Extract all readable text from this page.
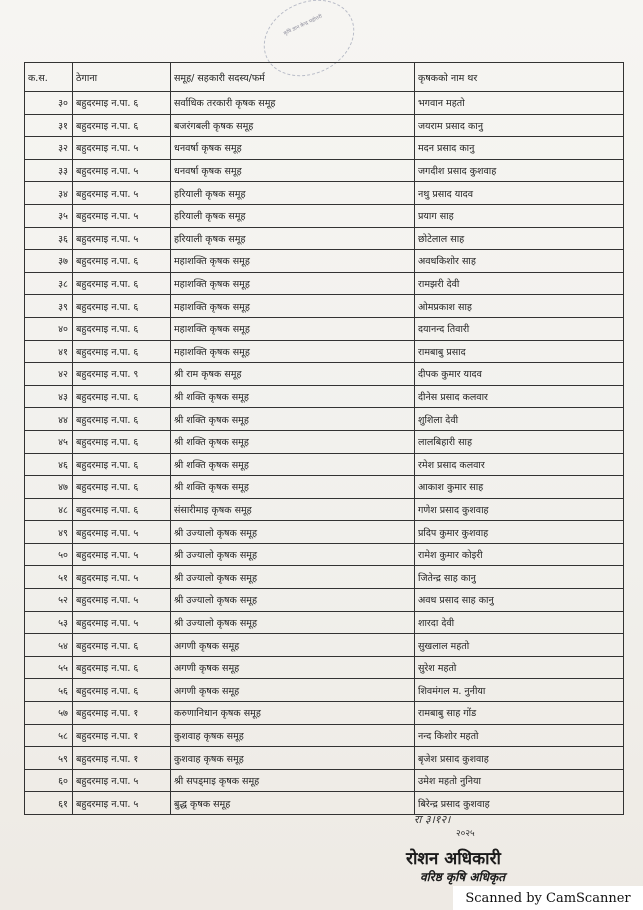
कृषि ज्ञान केन्द्र महोत्तरी
क.स.	ठेगाना	समूह/ सहकारी सदस्य/फर्म	कृषकको नाम थर
३०	बहुदरमाइ न.पा. ६	सर्वाधिक तरकारी कृषक समूह	भगवान महतो
३१	बहुदरमाइ न.पा. ६	बजरंगबली कृषक समूह	जयराम प्रसाद कानु
३२	बहुदरमाइ न.पा. ५	धनवर्षा कृषक समूह	मदन प्रसाद कानु
३३	बहुदरमाइ न.पा. ५	धनवर्षा कृषक समूह	जगदीश प्रसाद कुशवाह
३४	बहुदरमाइ न.पा. ५	हरियाली कृषक समूह	नथु प्रसाद यादव
३५	बहुदरमाइ न.पा. ५	हरियाली कृषक समूह	प्रयाग साह
३६	बहुदरमाइ न.पा. ५	हरियाली कृषक समूह	छोटेलाल साह
३७	बहुदरमाइ न.पा. ६	महाशक्ति कृषक समूह	अवधकिशोर साह
३८	बहुदरमाइ न.पा. ६	महाशक्ति कृषक समूह	रामझरी देवी
३९	बहुदरमाइ न.पा. ६	महाशक्ति कृषक समूह	ओमप्रकाश साह
४०	बहुदरमाइ न.पा. ६	महाशक्ति कृषक समूह	दयानन्द तिवारी
४१	बहुदरमाइ न.पा. ६	महाशक्ति कृषक समूह	रामबाबु प्रसाद
४२	बहुदरमाइ न.पा. ९	श्री राम कृषक समूह	दीपक कुमार यादव
४३	बहुदरमाइ न.पा. ६	श्री शक्ति कृषक समूह	दीनेस प्रसाद कलवार
४४	बहुदरमाइ न.पा. ६	श्री शक्ति कृषक समूह	शुशिला देवी
४५	बहुदरमाइ न.पा. ६	श्री शक्ति कृषक समूह	लालबिहारी साह
४६	बहुदरमाइ न.पा. ६	श्री शक्ति कृषक समूह	रमेश प्रसाद कलवार
४७	बहुदरमाइ न.पा. ६	श्री शक्ति कृषक समूह	आकाश कुमार साह
४८	बहुदरमाइ न.पा. ६	संसारीमाइ कृषक समूह	गणेश प्रसाद कुशवाह
४९	बहुदरमाइ न.पा. ५	श्री उज्यालो कृषक समूह	प्रदिप कुमार कुशवाह
५०	बहुदरमाइ न.पा. ५	श्री उज्यालो कृषक समूह	रामेश कुमार कोइरी
५१	बहुदरमाइ न.पा. ५	श्री उज्यालो कृषक समूह	जितेन्द्र साह कानु
५२	बहुदरमाइ न.पा. ५	श्री उज्यालो कृषक समूह	अवध प्रसाद साह कानु
५३	बहुदरमाइ न.पा. ५	श्री उज्यालो कृषक समूह	शारदा देवी
५४	बहुदरमाइ न.पा. ६	अगणी कृषक समूह	सुखलाल महतो
५५	बहुदरमाइ न.पा. ६	अगणी कृषक समूह	सुरेश महतो
५६	बहुदरमाइ न.पा. ६	अगणी कृषक समूह	शिवमंगल म. नुनीया
५७	बहुदरमाइ न.पा. १	करुणानिधान कृषक समूह	रामबाबु साह गोंड
५८	बहुदरमाइ न.पा. १	कुशवाह कृषक समूह	नन्द किशोर महतो
५९	बहुदरमाइ न.पा. १	कुशवाह कृषक समूह	बृजेश प्रसाद कुशवाह
६०	बहुदरमाइ न.पा. ५	श्री सपड्माइ कृषक समूह	उमेश महतो नुनिया
६१	बहुदरमाइ न.पा. ५	बुद्ध कृषक समूह	बिरेन्द्र प्रसाद कुशवाह
रा ३।१२।
२०२५
रोशन अधिकारी
वरिष्ठ कृषि अधिकृत
Scanned by CamScanner
